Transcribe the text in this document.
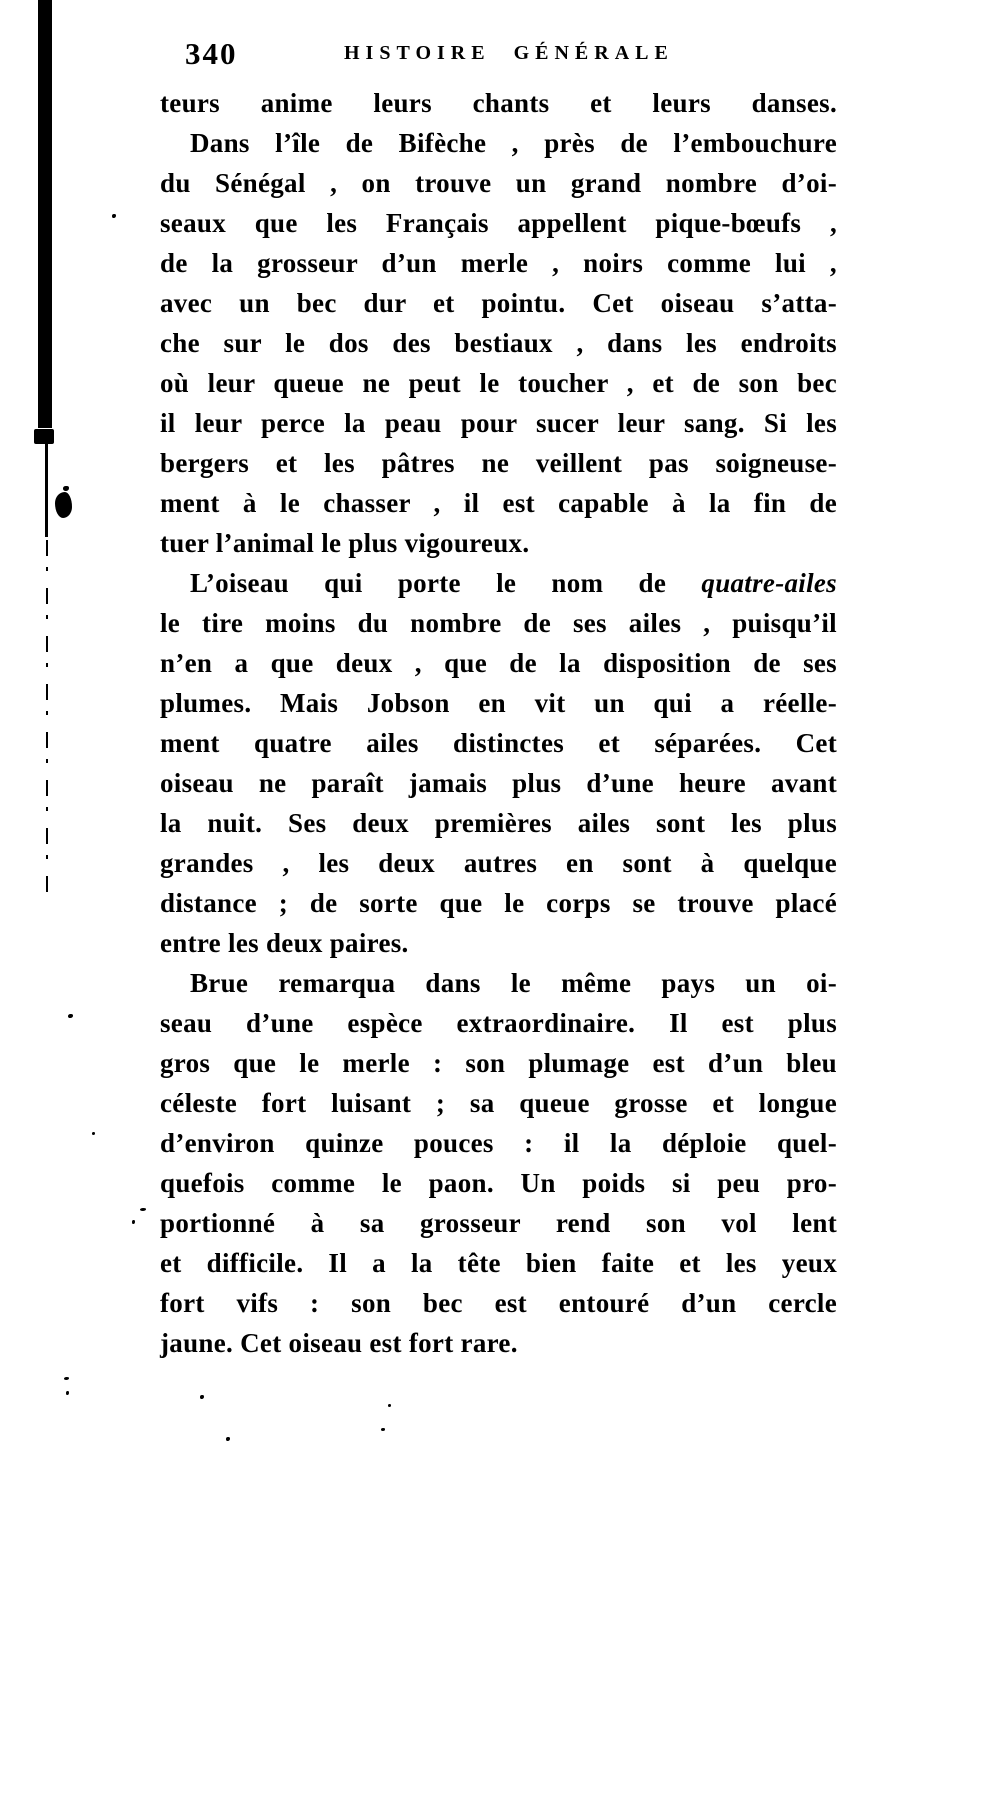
340	HISTOIRE GÉNÉRALE
teurs anime leurs chants et leurs danses.
Dans l’île de Bifèche , près de l’embouchure
du Sénégal , on trouve un grand nombre d’oi-
seaux que les Français appellent pique-bœufs ,
de la grosseur d’un merle , noirs comme lui ,
avec un bec dur et pointu. Cet oiseau s’atta-
che sur le dos des bestiaux , dans les endroits
où leur queue ne peut le toucher , et de son bec
il leur perce la peau pour sucer leur sang. Si les
bergers et les pâtres ne veillent pas soigneuse-
ment à le chasser , il est capable à la fin de
tuer l’animal le plus vigoureux.
L’oiseau qui porte le nom de quatre-ailes
le tire moins du nombre de ses ailes , puisqu’il
n’en a que deux , que de la disposition de ses
plumes. Mais Jobson en vit un qui a réelle-
ment quatre ailes distinctes et séparées. Cet
oiseau ne paraît jamais plus d’une heure avant
la nuit. Ses deux premières ailes sont les plus
grandes , les deux autres en sont à quelque
distance ; de sorte que le corps se trouve placé
entre les deux paires.
Brue remarqua dans le même pays un oi-
seau d’une espèce extraordinaire. Il est plus
gros que le merle : son plumage est d’un bleu
céleste fort luisant ; sa queue grosse et longue
d’environ quinze pouces : il la déploie quel-
quefois comme le paon. Un poids si peu pro-
portionné à sa grosseur rend son vol lent
et difficile. Il a la tête bien faite et les yeux
fort vifs : son bec est entouré d’un cercle
jaune. Cet oiseau est fort rare.
